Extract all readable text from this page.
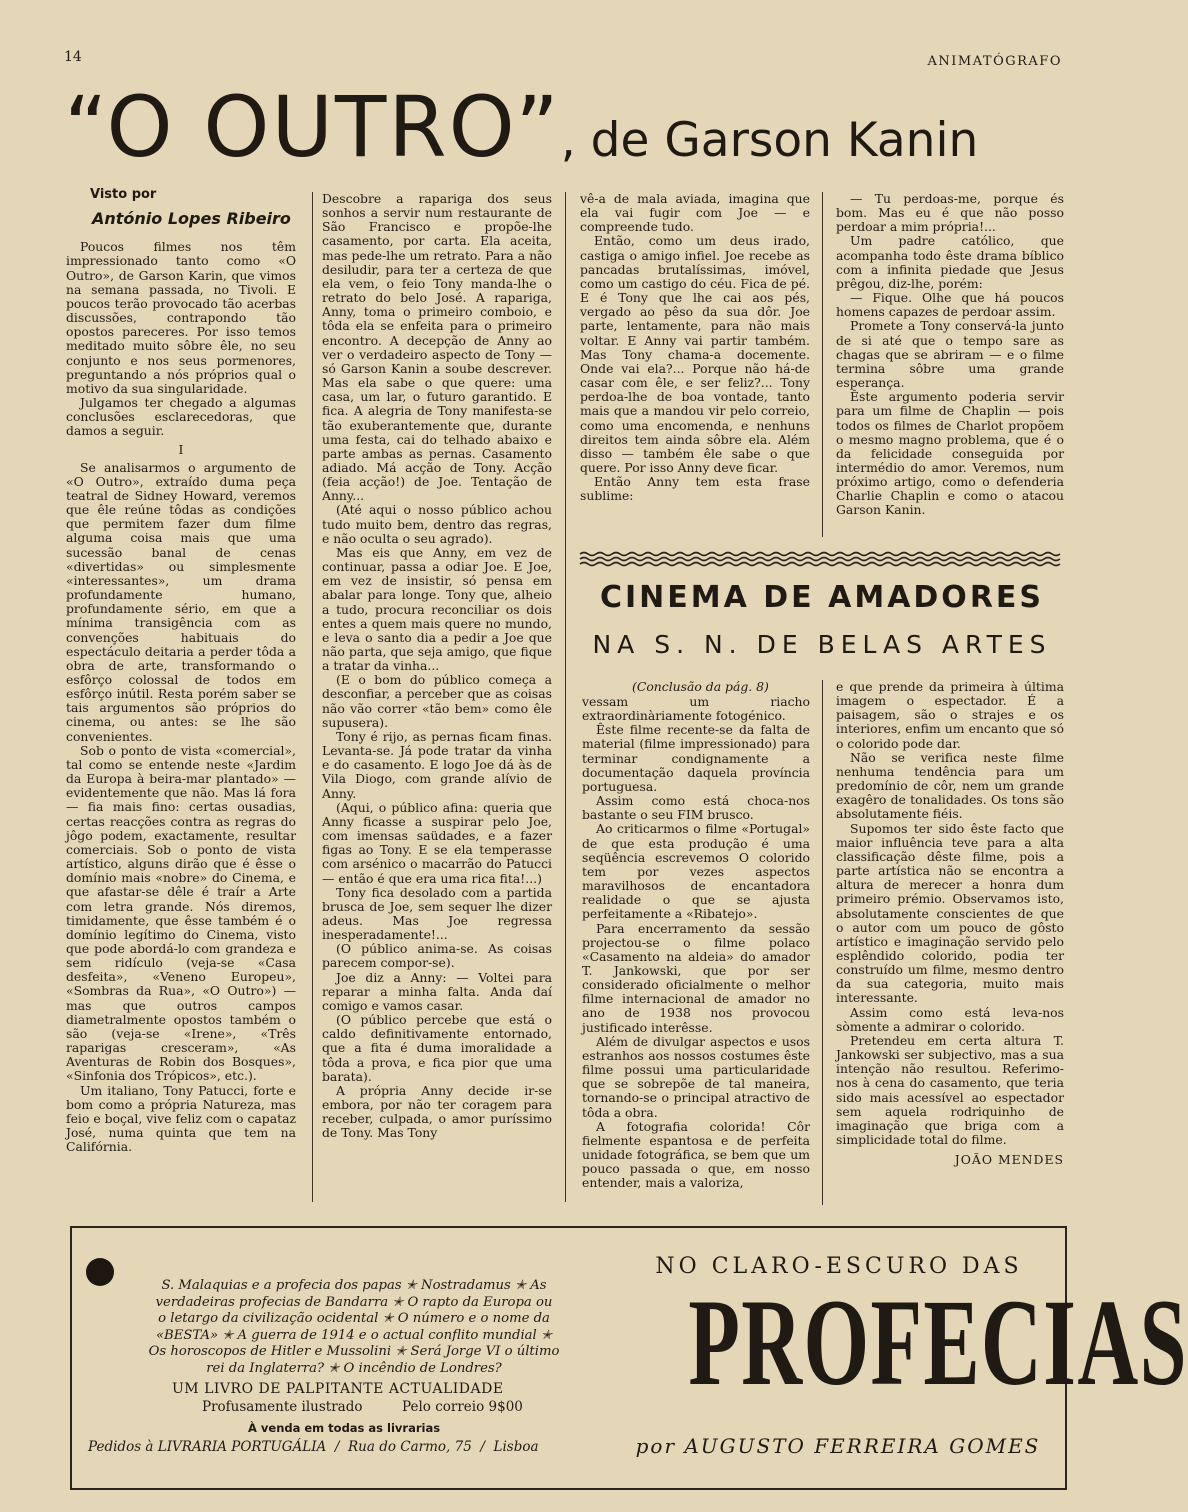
14	ANIMATÓGRAFO
“O OUTRO”, de Garson Kanin
Visto por
António Lopes Ribeiro

Poucos filmes nos têm impressionado tanto como «O Outro», de Garson Karin, que vimos na semana passada, no Tivoli. E poucos terão provocado tão acerbas discussões, contrapondo tão opostos pareceres. Por isso temos meditado muito sôbre êle, no seu conjunto e nos seus pormenores, preguntando a nós próprios qual o motivo da sua singularidade.

Julgamos ter chegado a algumas conclusões esclarecedoras, que damos a seguir.

I

Se analisarmos o argumento de «O Outro», extraído duma peça teatral de Sidney Howard, veremos que êle reúne tôdas as condições que permitem fazer dum filme alguma coisa mais que uma sucessão banal de cenas «divertidas» ou simplesmente «interessantes», um drama profundamente humano, profundamente sério, em que a mínima transigência com as convenções habituais do espectáculo deitaria a perder tôda a obra de arte, transformando o esfôrço colossal de todos em esfôrço inútil. Resta porém saber se tais argumentos são próprios do cinema, ou antes: se lhe são convenientes.

Sob o ponto de vista «comercial», tal como se entende neste «Jardim da Europa à beira-mar plantado» — evidentemente que não. Mas lá fora — fia mais fino: certas ousadias, certas reacções contra as regras do jôgo podem, exactamente, resultar comerciais. Sob o ponto de vista artístico, alguns dirão que é êsse o domínio mais «nobre» do Cinema, e que afastar-se dêle é traír a Arte com letra grande. Nós diremos, timidamente, que êsse também é o domínio legítimo do Cinema, visto que pode abordá-lo com grandeza e sem ridículo (veja-se «Casa desfeita», «Veneno Europeu», «Sombras da Rua», «O Outro») — mas que outros campos diametralmente opostos também o são (veja-se «Irene», «Três raparigas cresceram», «As Aventuras de Robin dos Bosques», «Sinfonia dos Trópicos», etc.).

Um italiano, Tony Patucci, forte e bom como a própria Natureza, mas feio e boçal, vive feliz com o capataz José, numa quinta que tem na Califórnia.

Descobre a rapariga dos seus sonhos a servir num restaurante de São Francisco e propõe-lhe casamento, por carta. Ela aceita, mas pede-lhe um retrato. Para a não desiludir, para ter a certeza de que ela vem, o feio Tony manda-lhe o retrato do belo José. A rapariga, Anny, toma o primeiro comboio, e tôda ela se enfeita para o primeiro encontro. A decepção de Anny ao ver o verdadeiro aspecto de Tony — só Garson Kanin a soube descrever. Mas ela sabe o que quere: uma casa, um lar, o futuro garantido. E fica. A alegria de Tony manifesta-se tão exuberantemente que, durante uma festa, cai do telhado abaixo e parte ambas as pernas. Casamento adiado. Má acção de Tony. Acção (feia acção!) de Joe. Tentação de Anny...

(Até aqui o nosso público achou tudo muito bem, dentro das regras, e não oculta o seu agrado).

Mas eis que Anny, em vez de continuar, passa a odiar Joe. E Joe, em vez de insistir, só pensa em abalar para longe. Tony que, alheio a tudo, procura reconciliar os dois entes a quem mais quere no mundo, e leva o santo dia a pedir a Joe que não parta, que seja amigo, que fique a tratar da vinha...

(E o bom do público começa a desconfiar, a perceber que as coisas não vão correr «tão bem» como êle supusera).

Tony é rijo, as pernas ficam finas. Levanta-se. Já pode tratar da vinha e do casamento. E logo Joe dá às de Vila Diogo, com grande alívio de Anny.

(Aqui, o público afina: queria que Anny ficasse a suspirar pelo Joe, com imensas saüdades, e a fazer figas ao Tony. E se ela temperasse com arsénico o macarrão do Patucci — então é que era uma rica fita!...)

Tony fica desolado com a partida brusca de Joe, sem sequer lhe dizer adeus. Mas Joe regressa inesperadamente!...

(O público anima-se. As coisas parecem compor-se).

Joe diz a Anny: — Voltei para reparar a minha falta. Anda daí comigo e vamos casar.

(O público percebe que está o caldo definitivamente entornado, que a fita é duma imoralidade a tôda a prova, e fica pior que uma barata).

A própria Anny decide ir-se embora, por não ter coragem para receber, culpada, o amor puríssimo de Tony. Mas Tony

vê-a de mala aviada, imagina que ela vai fugir com Joe — e compreende tudo.

Então, como um deus irado, castiga o amigo infiel. Joe recebe as pancadas brutalíssimas, imóvel, como um castigo do céu. Fica de pé. E é Tony que lhe cai aos pés, vergado ao pêso da sua dôr. Joe parte, lentamente, para não mais voltar. E Anny vai partir também. Mas Tony chama-a docemente. Onde vai ela?... Porque não há-de casar com êle, e ser feliz?... Tony perdoa-lhe de boa vontade, tanto mais que a mandou vir pelo correio, como uma encomenda, e nenhuns direitos tem ainda sôbre ela. Além disso — também êle sabe o que quere. Por isso Anny deve ficar.

Então Anny tem esta frase sublime:

— Tu perdoas-me, porque és bom. Mas eu é que não posso perdoar a mim própria!...

Um padre católico, que acompanha todo êste drama bíblico com a infinita piedade que Jesus prêgou, diz-lhe, porém:

— Fique. Olhe que há poucos homens capazes de perdoar assim.

Promete a Tony conservá-la junto de si até que o tempo sare as chagas que se abriram — e o filme termina sôbre uma grande esperança.

Êste argumento poderia servir para um filme de Chaplin — pois todos os filmes de Charlot propõem o mesmo magno problema, que é o da felicidade conseguida por intermédio do amor. Veremos, num próximo artigo, como o defenderia Charlie Chaplin e como o atacou Garson Kanin.

CINEMA DE AMADORES
NA S. N. DE BELAS ARTES
(Conclusão da pág. 8)

vessam um riacho extraordinàriamente fotogénico.

Êste filme recente-se da falta de material (filme impressionado) para terminar condignamente a documentação daquela província portuguesa.

Assim como está choca-nos bastante o seu FIM brusco.

Ao criticarmos o filme «Portugal» de que esta produção é uma seqüência escrevemos O colorido tem por vezes aspectos maravilhosos de encantadora realidade o que se ajusta perfeitamente a «Ribatejo».

Para encerramento da sessão projectou-se o filme polaco «Casamento na aldeia» do amador T. Jankowski, que por ser considerado oficialmente o melhor filme internacional de amador no ano de 1938 nos provocou justificado interêsse.

Além de divulgar aspectos e usos estranhos aos nossos costumes êste filme possui uma particularidade que se sobrepõe de tal maneira, tornando-se o principal atractivo de tôda a obra.

A fotografia colorida! Côr fielmente espantosa e de perfeita unidade fotográfica, se bem que um pouco passada o que, em nosso entender, mais a valoriza,

e que prende da primeira à última imagem o espectador. É a paisagem, são o strajes e os interiores, enfim um encanto que só o colorido pode dar.

Não se verifica neste filme nenhuma tendência para um predomínio de côr, nem um grande exagêro de tonalidades. Os tons são absolutamente fiéis.

Supomos ter sido êste facto que maior influência teve para a alta classificação dêste filme, pois a parte artística não se encontra a altura de merecer a honra dum primeiro prémio. Observamos isto, absolutamente conscientes de que o autor com um pouco de gôsto artístico e imaginação servido pelo esplêndido colorido, podia ter construído um filme, mesmo dentro da sua categoria, muito mais interessante.

Assim como está leva-nos sòmente a admirar o colorido.

Pretendeu em certa altura T. Jankowski ser subjectivo, mas a sua intenção não resultou. Referimo-nos à cena do casamento, que teria sido mais acessível ao espectador sem aquela rodriquinho de imaginação que briga com a simplicidade total do filme.

JOÃO MENDES

S. Malaquias e a profecia dos papas ✭ Nostradamus ✭ As
verdadeiras profecias de Bandarra ✭ O rapto da Europa ou
o letargo da civilização ocidental ✭ O número e o nome da
«BESTA» ✭ A guerra de 1914 e o actual conflito mundial ✭
Os horoscopos de Hitler e Mussolini ✭ Será Jorge VI o último
rei da Inglaterra? ✭ O incêndio de Londres?
UM LIVRO DE PALPITANTE ACTUALIDADE
Profusamente ilustrado	Pelo correio 9$00
À venda em todas as livrarias
Pedidos à LIVRARIA PORTUGÁLIA  /  Rua do Carmo, 75  /  Lisboa
NO CLARO-ESCURO DAS
PROFECIAS
por AUGUSTO FERREIRA GOMES
